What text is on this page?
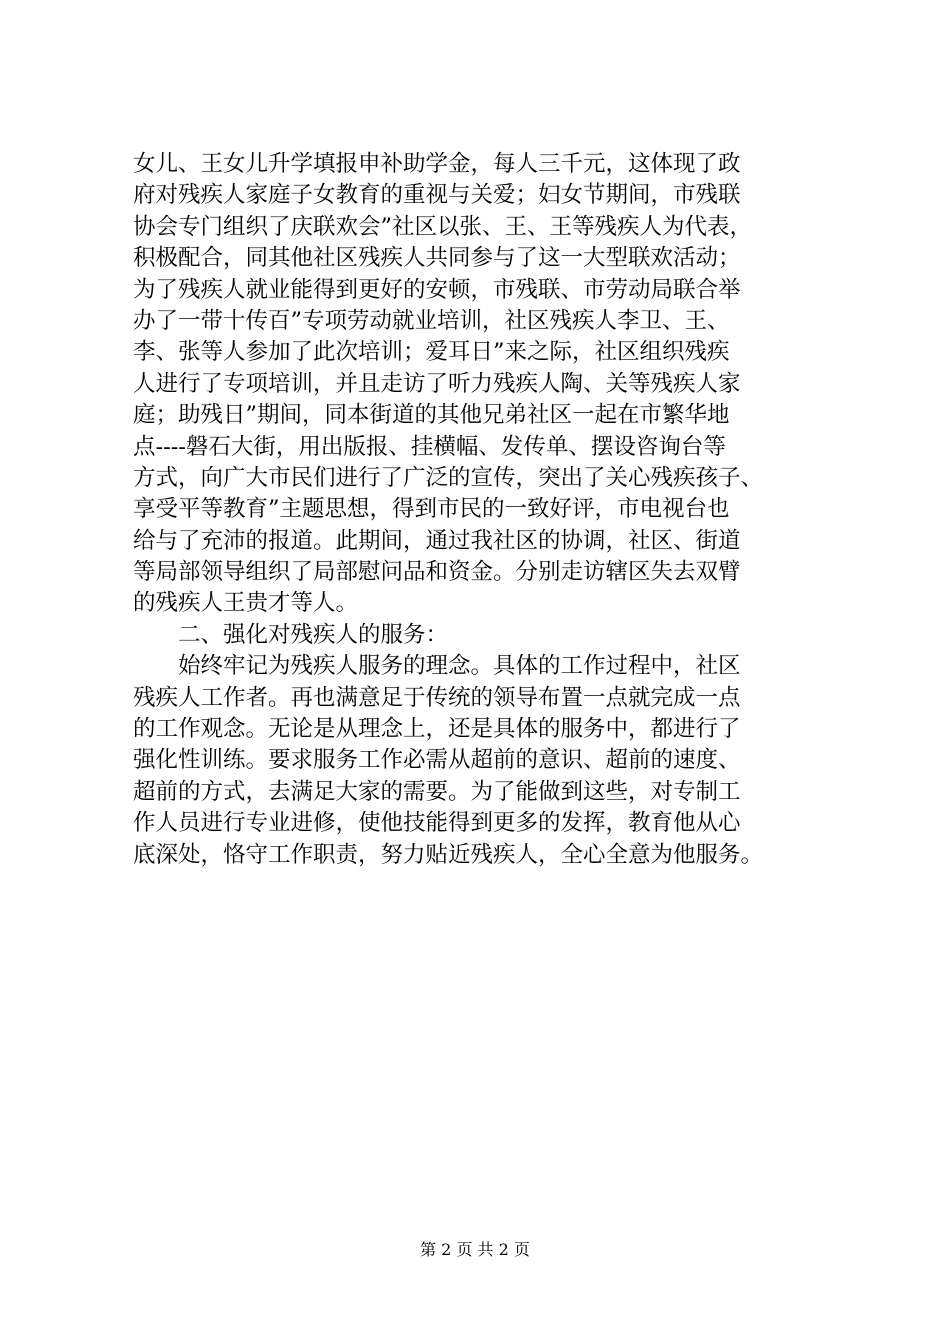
女儿、王女儿升学填报申补助学金，每人三千元，这体现了政
府对残疾人家庭子女教育的重视与关爱；妇女节期间，市残联
协会专门组织了庆联欢会”社区以张、王、王等残疾人为代表，
积极配合，同其他社区残疾人共同参与了这一大型联欢活动；
为了残疾人就业能得到更好的安顿，市残联、市劳动局联合举
办了一带十传百”专项劳动就业培训，社区残疾人李卫、王、
李、张等人参加了此次培训；爱耳日”来之际，社区组织残疾
人进行了专项培训，并且走访了听力残疾人陶、关等残疾人家
庭；助残日”期间，同本街道的其他兄弟社区一起在市繁华地
点----磐石大街，用出版报、挂横幅、发传单、摆设咨询台等
方式，向广大市民们进行了广泛的宣传，突出了关心残疾孩子、
享受平等教育”主题思想，得到市民的一致好评，市电视台也
给与了充沛的报道。此期间，通过我社区的协调，社区、街道
等局部领导组织了局部慰问品和资金。分别走访辖区失去双臂
的残疾人王贵才等人。
二、强化对残疾人的服务：
始终牢记为残疾人服务的理念。具体的工作过程中，社区
残疾人工作者。再也满意足于传统的领导布置一点就完成一点
的工作观念。无论是从理念上，还是具体的服务中，都进行了
强化性训练。要求服务工作必需从超前的意识、超前的速度、
超前的方式，去满足大家的需要。为了能做到这些，对专制工
作人员进行专业进修，使他技能得到更多的发挥，教育他从心
底深处，恪守工作职责，努力贴近残疾人，全心全意为他服务。
第 2 页 共 2 页
